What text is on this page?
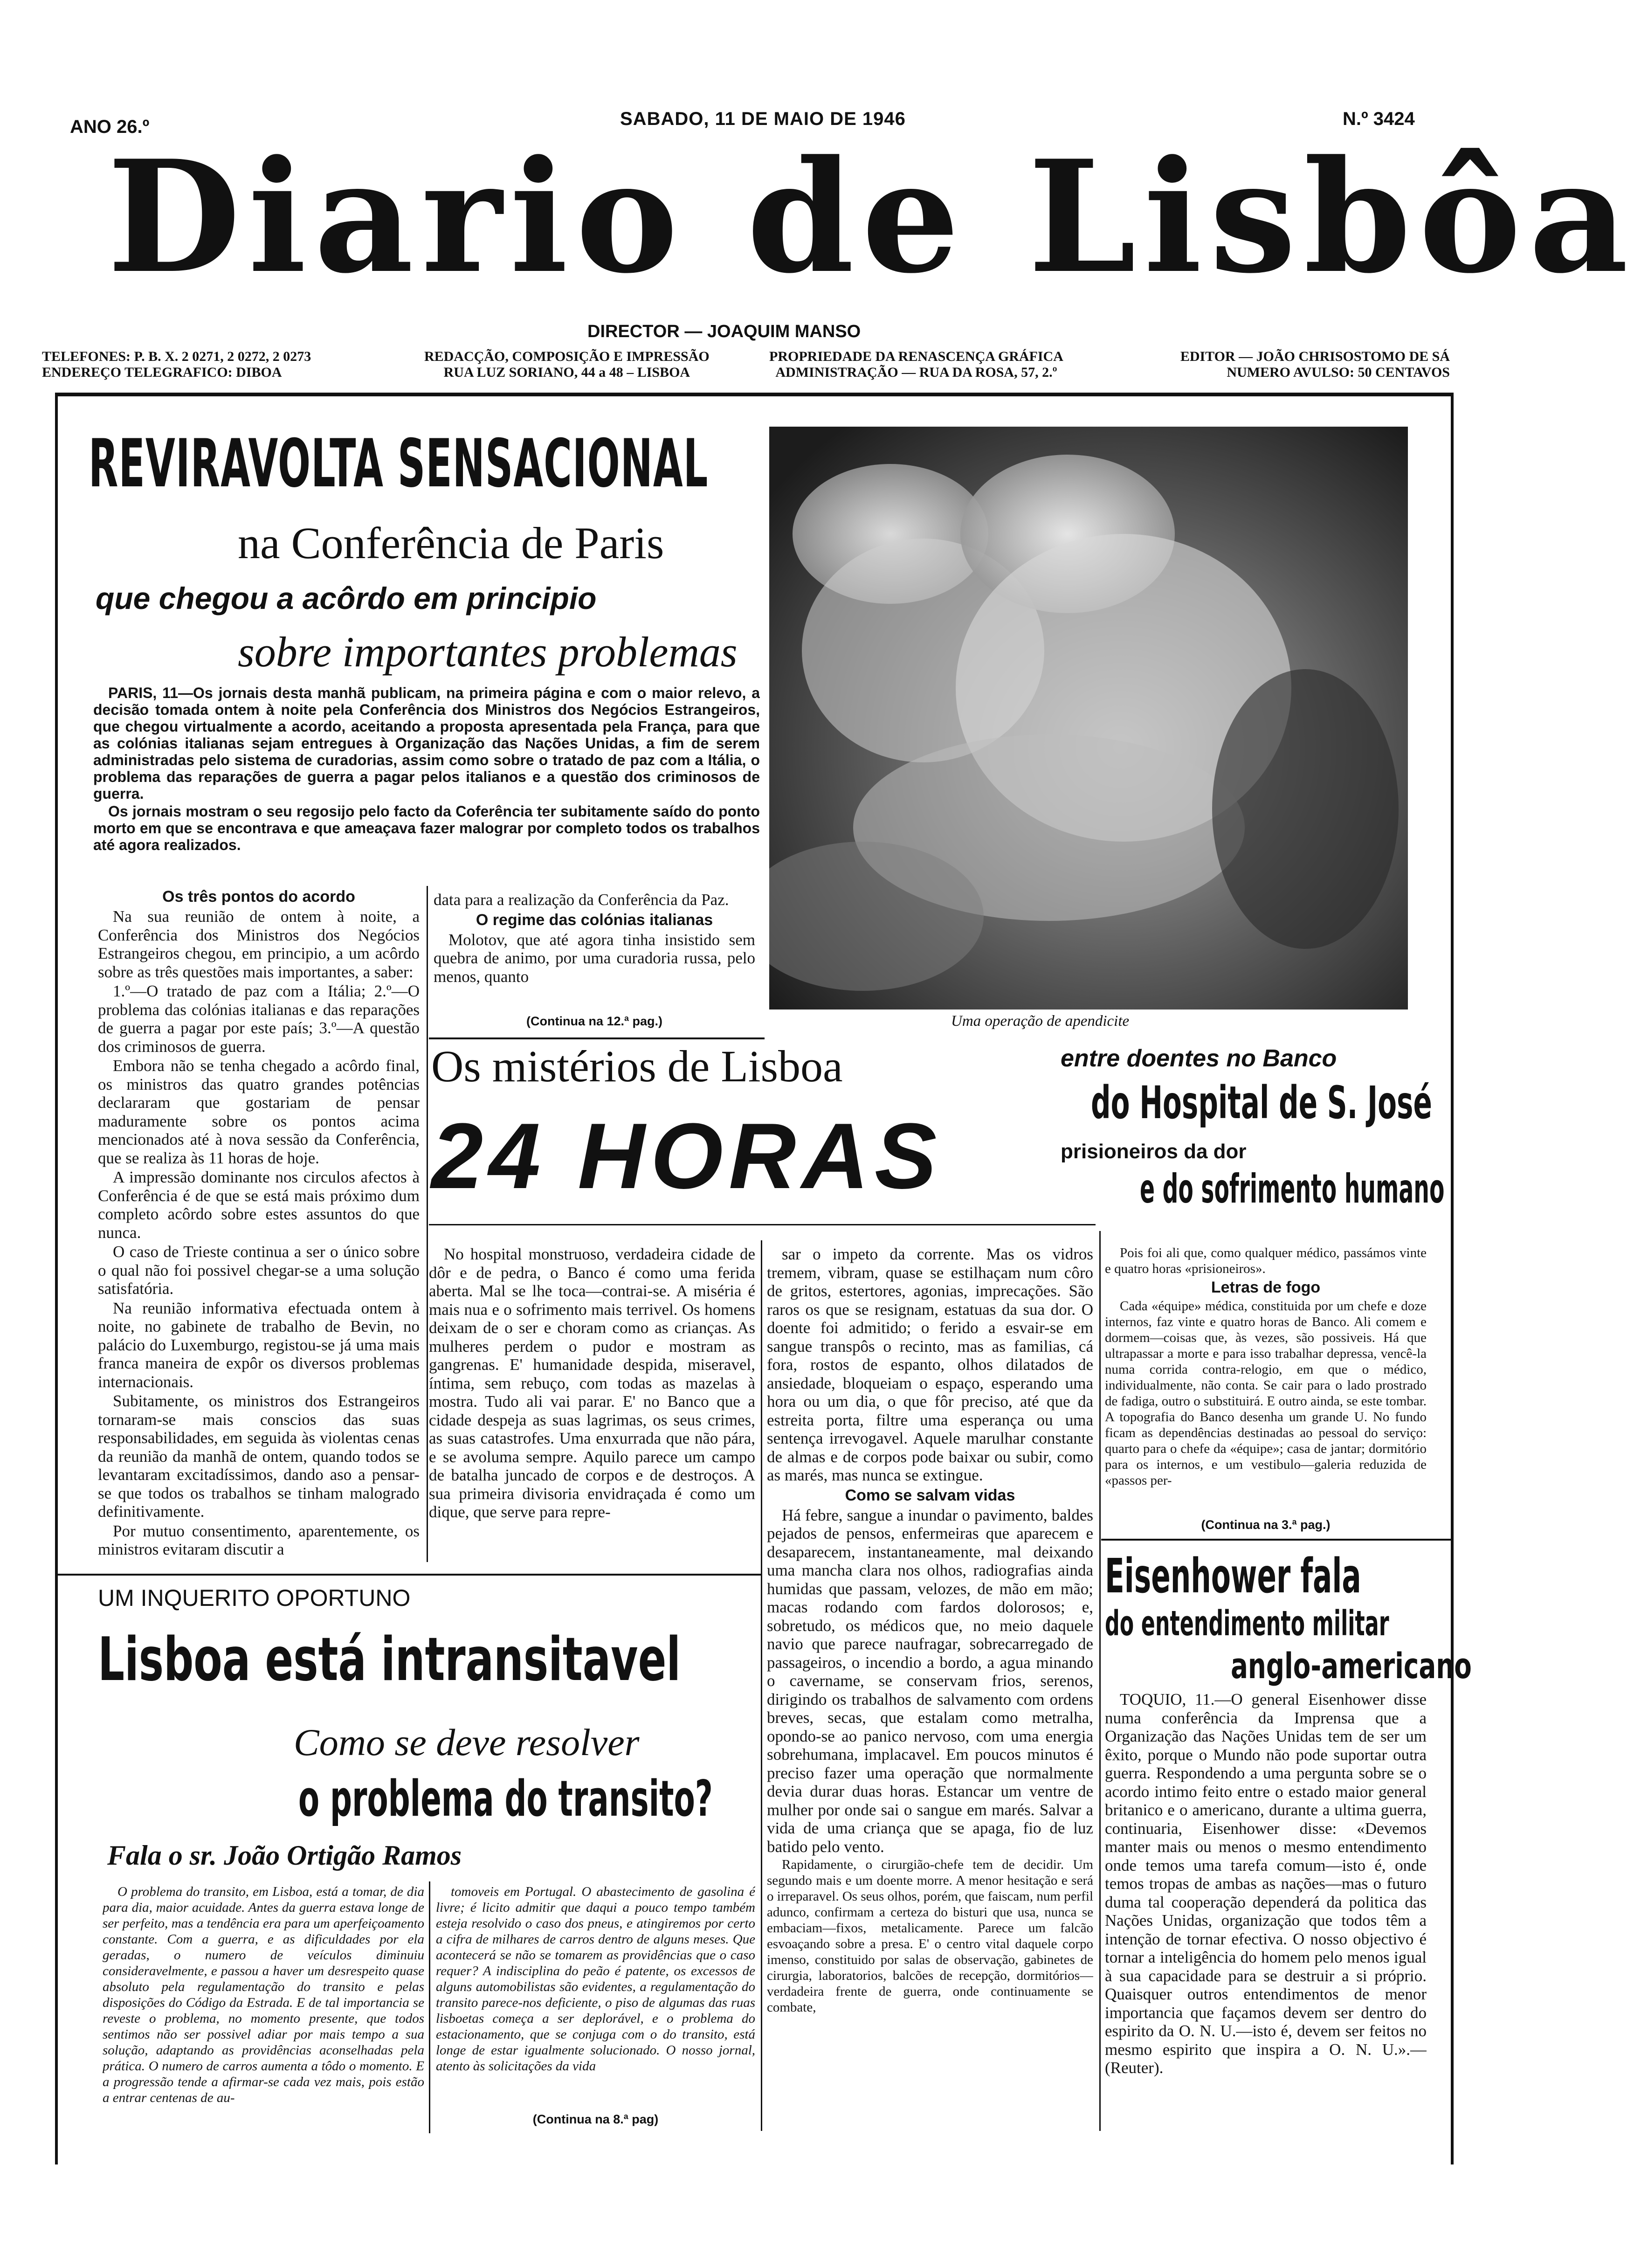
ANO 26.º	SABADO, 11 DE MAIO DE 1946	N.º 3424
Diario de Lisbôa
DIRECTOR — JOAQUIM MANSO
TELEFONES: P. B. X. 2 0271, 2 0272, 2 0273
ENDEREÇO TELEGRAFICO: DIBOA
REDACÇÃO, COMPOSIÇÃO E IMPRESSÃO
RUA LUZ SORIANO, 44 a 48 – LISBOA
PROPRIEDADE DA RENASCENÇA GRÁFICA
ADMINISTRAÇÃO — RUA DA ROSA, 57, 2.º
EDITOR — JOÃO CHRISOSTOMO DE SÁ
NUMERO AVULSO: 50 CENTAVOS
REVIRAVOLTA SENSACIONAL
na Conferência de Paris
que chegou a acôrdo em principio
sobre importantes problemas

PARIS, 11—Os jornais desta manhã publicam, na primeira página e com o maior relevo, a decisão tomada ontem à noite pela Conferência dos Ministros dos Negócios Estrangeiros, que chegou virtualmente a acordo, aceitando a proposta apresentada pela França, para que as colónias italianas sejam entregues à Organização das Nações Unidas, a fim de serem administradas pelo sistema de curadorias, assim como sobre o tratado de paz com a Itália, o problema das reparações de guerra a pagar pelos italianos e a questão dos criminosos de guerra.

Os jornais mostram o seu regosijo pelo facto da Coferência ter subitamente saído do ponto morto em que se encontrava e que ameaçava fazer malograr por completo todos os trabalhos até agora realizados.

Os três pontos do acordo

Na sua reunião de ontem à noite, a Conferência dos Ministros dos Negócios Estrangeiros chegou, em principio, a um acôrdo sobre as três questões mais importantes, a saber:

1.º—O tratado de paz com a Itália; 2.º—O problema das colónias italianas e das reparações de guerra a pagar por este país; 3.º—A questão dos criminosos de guerra.

Embora não se tenha chegado a acôrdo final, os ministros das quatro grandes potências declararam que gostariam de pensar maduramente sobre os pontos acima mencionados até à nova sessão da Conferência, que se realiza às 11 horas de hoje.

A impressão dominante nos circulos afectos à Conferência é de que se está mais próximo dum completo acôrdo sobre estes assuntos do que nunca.

O caso de Trieste continua a ser o único sobre o qual não foi possivel chegar-se a uma solução satisfatória.

Na reunião informativa efectuada ontem à noite, no gabinete de trabalho de Bevin, no palácio do Luxemburgo, registou-se já uma mais franca maneira de expôr os diversos problemas internacionais.

Subitamente, os ministros dos Estrangeiros tornaram-se mais conscios das suas responsabilidades, em seguida às violentas cenas da reunião da manhã de ontem, quando todos se levantaram excitadíssimos, dando aso a pensar-se que todos os trabalhos se tinham malogrado definitivamente.

Por mutuo consentimento, aparentemente, os ministros evitaram discutir a

data para a realização da Conferência da Paz.

O regime das colónias italianas

Molotov, que até agora tinha insistido sem quebra de animo, por uma curadoria russa, pelo menos, quanto

(Continua na 12.ª pag.)	Uma operação de apendicite
Os mistérios de Lisboa
24 HORAS
entre doentes no Banco
do Hospital de S. José
prisioneiros da dor
e do sofrimento humano

No hospital monstruoso, verdadeira cidade de dôr e de pedra, o Banco é como uma ferida aberta. Mal se lhe toca—contrai-se. A miséria é mais nua e o sofrimento mais terrivel. Os homens deixam de o ser e choram como as crianças. As mulheres perdem o pudor e mostram as gangrenas. E' humanidade despida, miseravel, íntima, sem rebuço, com todas as mazelas à mostra. Tudo ali vai parar. E' no Banco que a cidade despeja as suas lagrimas, os seus crimes, as suas catastrofes. Uma enxurrada que não pára, e se avoluma sempre. Aquilo parece um campo de batalha juncado de corpos e de destroços. A sua primeira divisoria envidraçada é como um dique, que serve para repre-

sar o impeto da corrente. Mas os vidros tremem, vibram, quase se estilhaçam num côro de gritos, estertores, agonias, imprecações. São raros os que se resignam, estatuas da sua dor. O doente foi admitido; o ferido a esvair-se em sangue transpôs o recinto, mas as familias, cá fora, rostos de espanto, olhos dilatados de ansiedade, bloqueiam o espaço, esperando uma hora ou um dia, o que fôr preciso, até que da estreita porta, filtre uma esperança ou uma sentença irrevogavel. Aquele marulhar constante de almas e de corpos pode baixar ou subir, como as marés, mas nunca se extingue.

Como se salvam vidas

Há febre, sangue a inundar o pavimento, baldes pejados de pensos, enfermeiras que aparecem e desaparecem, instantaneamente, mal deixando uma mancha clara nos olhos, radiografias ainda humidas que passam, velozes, de mão em mão; macas rodando com fardos dolorosos; e, sobretudo, os médicos que, no meio daquele navio que parece naufragar, sobrecarregado de passageiros, o incendio a bordo, a agua minando o cavername, se conservam frios, serenos, dirigindo os trabalhos de salvamento com ordens breves, secas, que estalam como metralha, opondo-se ao panico nervoso, com uma energia sobrehumana, implacavel. Em poucos minutos é preciso fazer uma operação que normalmente devia durar duas horas. Estancar um ventre de mulher por onde sai o sangue em marés. Salvar a vida de uma criança que se apaga, fio de luz batido pelo vento.

Rapidamente, o cirurgião-chefe tem de decidir. Um segundo mais e um doente morre. A menor hesitação e será o irreparavel. Os seus olhos, porém, que faiscam, num perfil adunco, confirmam a certeza do bisturi que usa, nunca se embaciam—fixos, metalicamente. Parece um falcão esvoaçando sobre a presa. E' o centro vital daquele corpo imenso, constituido por salas de observação, gabinetes de cirurgia, laboratorios, balcões de recepção, dormitórios—verdadeira frente de guerra, onde continuamente se combate,

Pois foi ali que, como qualquer médico, passámos vinte e quatro horas «prisioneiros».

Letras de fogo

Cada «équipe» médica, constituida por um chefe e doze internos, faz vinte e quatro horas de Banco. Ali comem e dormem—coisas que, às vezes, são possiveis. Há que ultrapassar a morte e para isso trabalhar depressa, vencê-la numa corrida contra-relogio, em que o médico, individualmente, não conta. Se cair para o lado prostrado de fadiga, outro o substituirá. E outro ainda, se este tombar. A topografia do Banco desenha um grande U. No fundo ficam as dependências destinadas ao pessoal do serviço: quarto para o chefe da «équipe»; casa de jantar; dormitório para os internos, e um vestibulo—galeria reduzida de «passos per-

(Continua na 3.ª pag.)
UM INQUERITO OPORTUNO
Lisboa está intransitavel
Como se deve resolver
o problema do transito?
Fala o sr. João Ortigão Ramos

O problema do transito, em Lisboa, está a tomar, de dia para dia, maior acuidade. Antes da guerra estava longe de ser perfeito, mas a tendência era para um aperfeiçoamento constante. Com a guerra, e as dificuldades por ela geradas, o numero de veículos diminuiu consideravelmente, e passou a haver um desrespeito quase absoluto pela regulamentação do transito e pelas disposições do Código da Estrada. E de tal importancia se reveste o problema, no momento presente, que todos sentimos não ser possivel adiar por mais tempo a sua solução, adaptando as providências aconselhadas pela prática. O numero de carros aumenta a tôdo o momento. E a progressão tende a afirmar-se cada vez mais, pois estão a entrar centenas de au-

tomoveis em Portugal. O abastecimento de gasolina é livre; é licito admitir que daqui a pouco tempo também esteja resolvido o caso dos pneus, e atingiremos por certo a cifra de milhares de carros dentro de alguns meses. Que acontecerá se não se tomarem as providências que o caso requer? A indisciplina do peão é patente, os excessos de alguns automobilistas são evidentes, a regulamentação do transito parece-nos deficiente, o piso de algumas das ruas lisboetas começa a ser deplorável, e o problema do estacionamento, que se conjuga com o do transito, está longe de estar igualmente solucionado. O nosso jornal, atento às solicitações da vida

(Continua na 8.ª pag)
Eisenhower fala
do entendimento militar
anglo-americano

TOQUIO, 11.—O general Eisenhower disse numa conferência da Imprensa que a Organização das Nações Unidas tem de ser um êxito, porque o Mundo não pode suportar outra guerra. Respondendo a uma pergunta sobre se o acordo intimo feito entre o estado maior general britanico e o americano, durante a ultima guerra, continuaria, Eisenhower disse: «Devemos manter mais ou menos o mesmo entendimento onde temos uma tarefa comum—isto é, onde temos tropas de ambas as nações—mas o futuro duma tal cooperação dependerá da politica das Nações Unidas, organização que todos têm a intenção de tornar efectiva. O nosso objectivo é tornar a inteligência do homem pelo menos igual à sua capacidade para se destruir a si próprio. Quaisquer outros entendimentos de menor importancia que façamos devem ser dentro do espirito da O. N. U.—isto é, devem ser feitos no mesmo espirito que inspira a O. N. U.».—(Reuter).
